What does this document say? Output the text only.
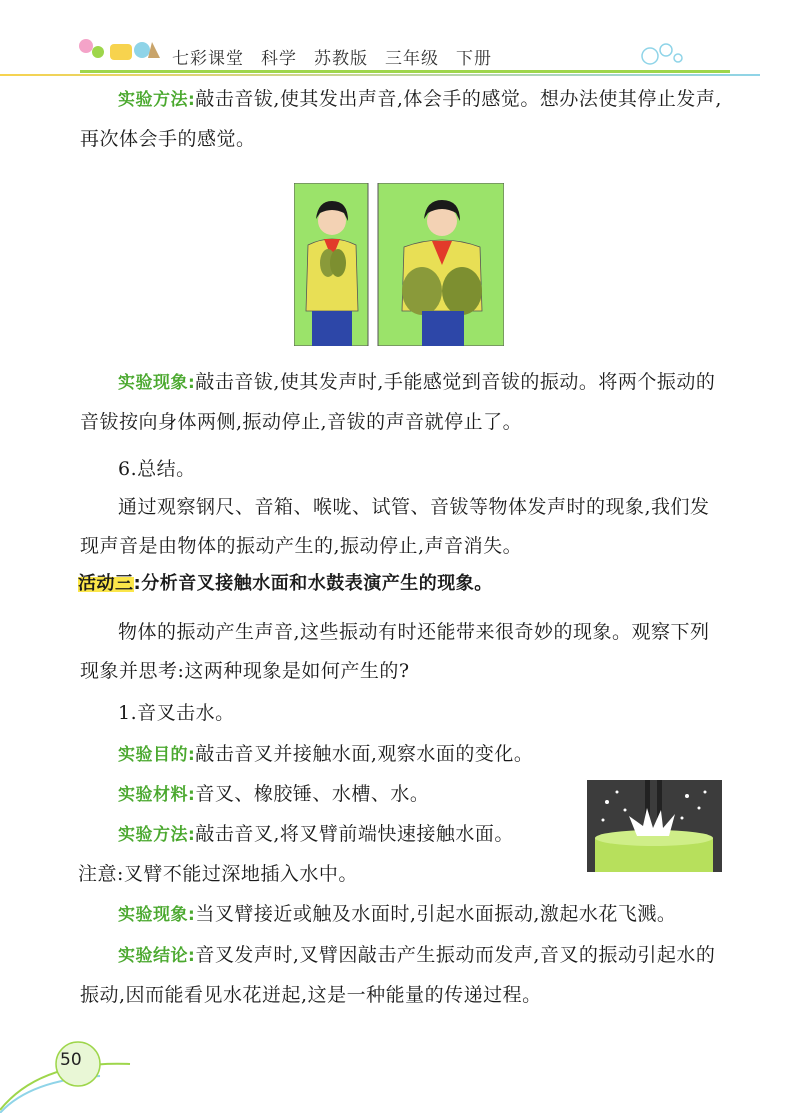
七彩课堂 科学 苏教版 三年级 下册
实验方法:敲击音钹,使其发出声音,体会手的感觉。想办法使其停止发声,再次体会手的感觉。
实验现象:敲击音钹,使其发声时,手能感觉到音钹的振动。将两个振动的音钹按向身体两侧,振动停止,音钹的声音就停止了。
6.总结。
通过观察钢尺、音箱、喉咙、试管、音钹等物体发声时的现象,我们发现声音是由物体的振动产生的,振动停止,声音消失。
活动三:分析音叉接触水面和水鼓表演产生的现象。
物体的振动产生声音,这些振动有时还能带来很奇妙的现象。观察下列现象并思考:这两种现象是如何产生的?
1.音叉击水。
实验目的:敲击音叉并接触水面,观察水面的变化。
实验材料:音叉、橡胶锤、水槽、水。
实验方法:敲击音叉,将叉臂前端快速接触水面。
注意:叉臂不能过深地插入水中。
实验现象:当叉臂接近或触及水面时,引起水面振动,激起水花飞溅。
实验结论:音叉发声时,叉臂因敲击产生振动而发声,音叉的振动引起水的振动,因而能看见水花迸起,这是一种能量的传递过程。
50
